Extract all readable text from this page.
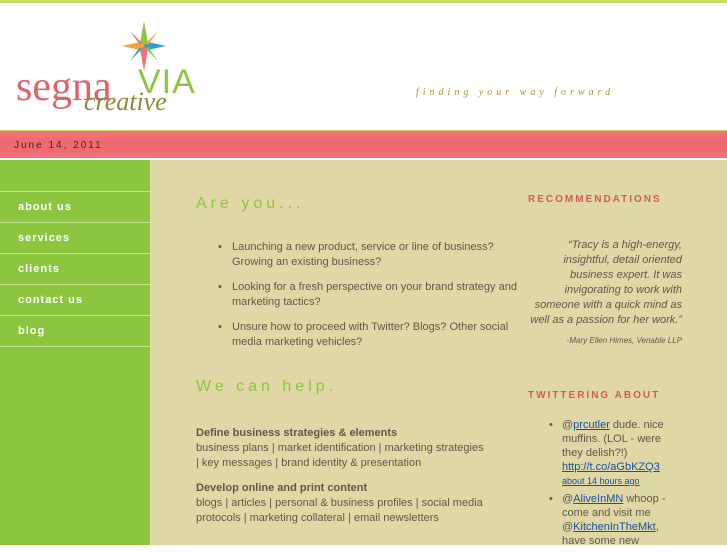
segna VIA
creative	finding your way forward
June 14, 2011
about us
services
clients
contact us
blog
Are you...
• Launching a new product, service or line of business? Growing an existing business?
• Looking for a fresh perspective on your brand strategy and marketing tactics?
• Unsure how to proceed with Twitter? Blogs? Other social media marketing vehicles?
We can help.
Define business strategies & elements
business plans | market identification | marketing strategies | key messages | brand identity & presentation
Develop online and print content
blogs | articles | personal & business profiles | social media protocols | marketing collateral | email newsletters
RECOMMENDATIONS
“Tracy is a high-energy, insightful, detail oriented business expert. It was invigorating to work with someone with a quick mind as well as a passion for her work.”
-Mary Ellen Himes, Venable LLP
TWITTERING ABOUT
• @prcutler dude. nice muffins. (LOL - were they delish?!) http://t.co/aGbKZQ3
about 14 hours ago
• @AliveInMN whoop - come and visit me @KitchenInTheMkt, have some new
